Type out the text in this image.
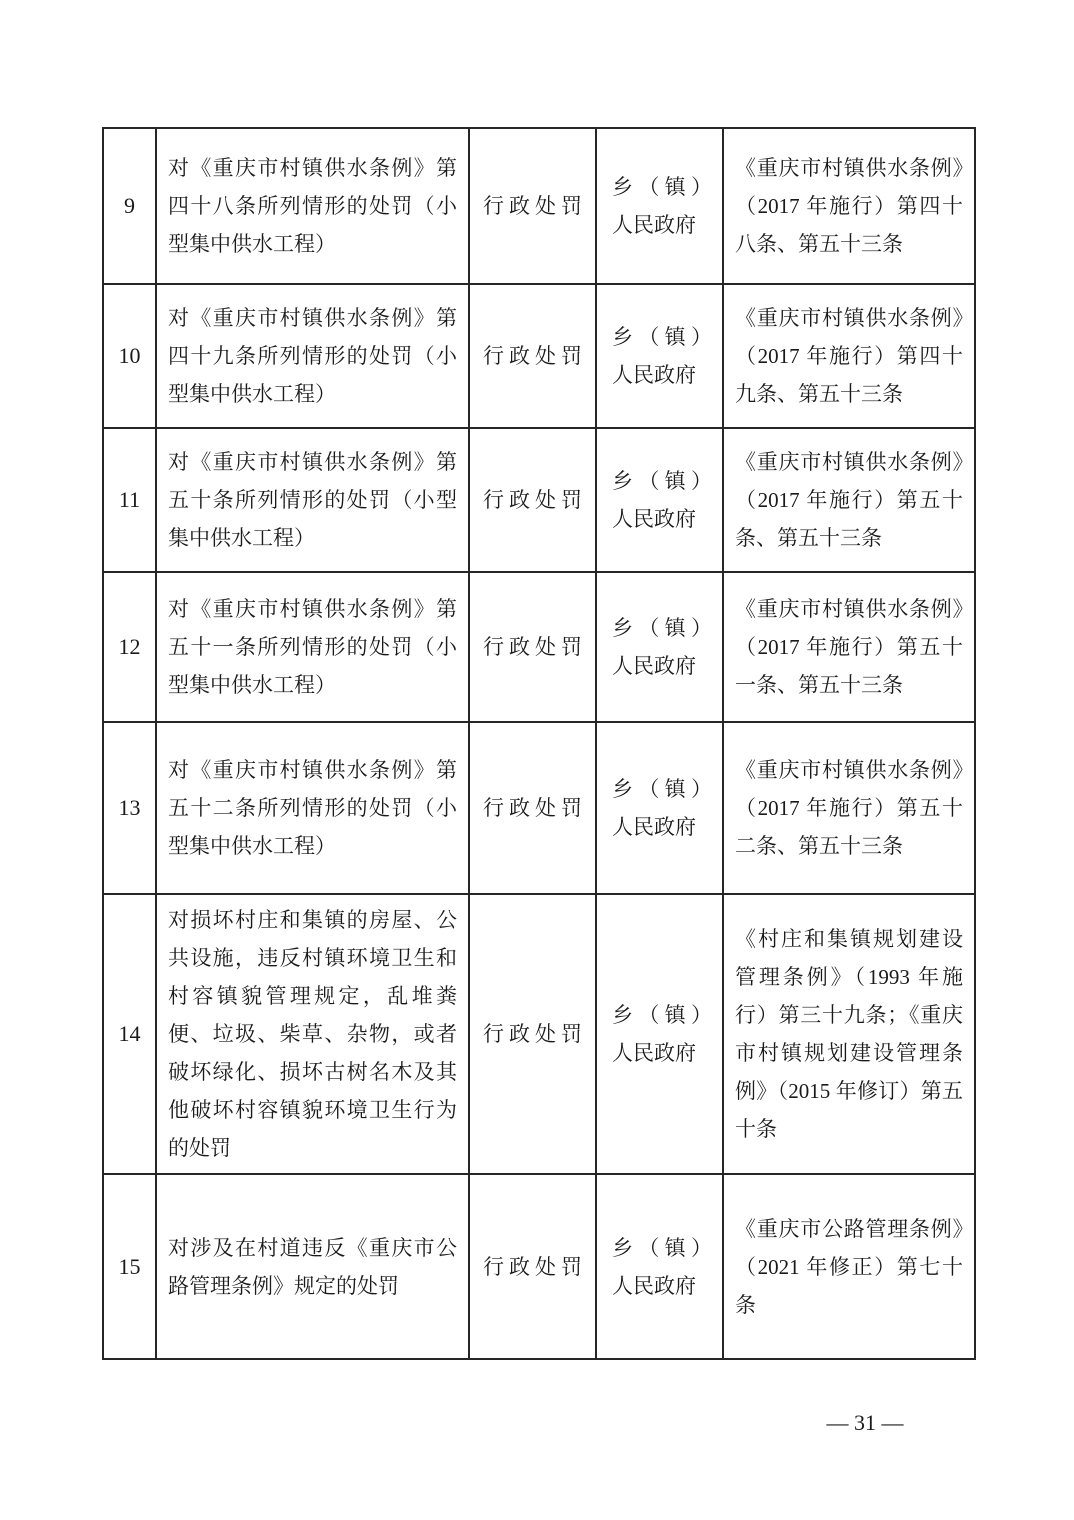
9	对《重庆市村镇供水条例》第四十八条所列情形的处罚（小型集中供水工程）	行政处罚	乡（镇）人民政府	《重庆市村镇供水条例》（2017 年施行）第四十八条、第五十三条
10	对《重庆市村镇供水条例》第四十九条所列情形的处罚（小型集中供水工程）	行政处罚	乡（镇）人民政府	《重庆市村镇供水条例》（2017 年施行）第四十九条、第五十三条
11	对《重庆市村镇供水条例》第五十条所列情形的处罚（小型集中供水工程）	行政处罚	乡（镇）人民政府	《重庆市村镇供水条例》（2017 年施行）第五十条、第五十三条
12	对《重庆市村镇供水条例》第五十一条所列情形的处罚（小型集中供水工程）	行政处罚	乡（镇）人民政府	《重庆市村镇供水条例》（2017 年施行）第五十一条、第五十三条
13	对《重庆市村镇供水条例》第五十二条所列情形的处罚（小型集中供水工程）	行政处罚	乡（镇）人民政府	《重庆市村镇供水条例》（2017 年施行）第五十二条、第五十三条
14	对损坏村庄和集镇的房屋、公共设施，违反村镇环境卫生和村容镇貌管理规定，乱堆粪便、垃圾、柴草、杂物，或者破坏绿化、损坏古树名木及其他破坏村容镇貌环境卫生行为的处罚	行政处罚	乡（镇）人民政府	《村庄和集镇规划建设管理条例》（1993 年施行）第三十九条；《重庆市村镇规划建设管理条例》（2015 年修订）第五十条
15	对涉及在村道违反《重庆市公路管理条例》规定的处罚	行政处罚	乡（镇）人民政府	《重庆市公路管理条例》（2021 年修正）第七十条
— 31 —
